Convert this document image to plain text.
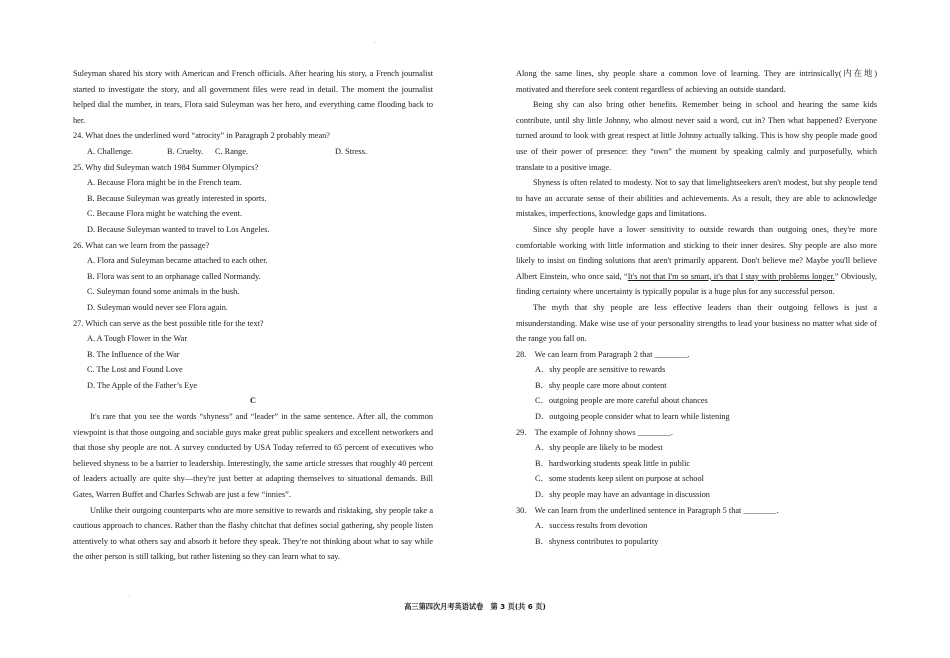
·
·

Suleyman shared his story with American and French officials. After hearing his story, a French journalist started to investigate the story, and all government files were read in detail. The moment the journalist helped dial the number, in tears, Flora said Suleyman was her hero, and everything came flooding back to her.

24. What does the underlined word “atrocity” in Paragraph 2 probably mean?

A. Challenge.	B. Cruelty.	C. Range.	D. Stress.

25. Why did Suleyman watch 1984 Summer Olympics?

A. Because Flora might be in the French team.

B. Because Suleyman was greatly interested in sports.

C. Because Flora might be watching the event.

D. Because Suleyman wanted to travel to Los Angeles.

26. What can we learn from the passage?

A. Flora and Suleyman became attached to each other.

B. Flora was sent to an orphanage called Normandy.

C. Suleyman found some animals in the bush.

D. Suleyman would never see Flora again.

27. Which can serve as the best possible title for the text?

A. A Tough Flower in the War

B. The Influence of the War

C. The Lost and Found Love

D. The Apple of the Father’s Eye

C

It's rare that you see the words “shyness” and “leader” in the same sentence. After all, the common viewpoint is that those outgoing and sociable guys make great public speakers and excellent networkers and that those shy people are not. A survey conducted by USA Today referred to 65 percent of executives who believed shyness to be a barrier to leadership. Interestingly, the same article stresses that roughly 40 percent of leaders actually are quite shy—they're just better at adapting themselves to situational demands. Bill Gates, Warren Buffet and Charles Schwab are just a few “innies”.

Unlike their outgoing counterparts who are more sensitive to rewards and risktaking, shy people take a cautious approach to chances. Rather than the flashy chitchat that defines social gathering, shy people listen attentively to what others say and absorb it before they speak. They're not thinking about what to say while the other person is still talking, but rather listening so they can learn what to say.

Along the same lines, shy people share a common love of learning. They are intrinsically(内在地) motivated and therefore seek content regardless of achieving an outside standard.

Being shy can also bring other benefits. Remember being in school and hearing the same kids contribute, until shy little Johnny, who almost never said a word, cut in? Then what happened? Everyone turned around to look with great respect at little Johnny actually talking. This is how shy people made good use of their power of presence: they “own” the moment by speaking calmly and purposefully, which translate to a positive image.

Shyness is often related to modesty. Not to say that limelightseekers aren't modest, but shy people tend to have an accurate sense of their abilities and achievements. As a result, they are able to acknowledge mistakes, imperfections, knowledge gaps and limitations.

Since shy people have a lower sensitivity to outside rewards than outgoing ones, they're more comfortable working with little information and sticking to their inner desires. Shy people are also more likely to insist on finding solutions that aren't primarily apparent. Don't believe me? Maybe you'll believe Albert Einstein, who once said, “It's not that I'm so smart, it's that I stay with problems longer.” Obviously, finding certainty where uncertainty is typically popular is a huge plus for any successful person.

The myth that shy people are less effective leaders than their outgoing fellows is just a misunderstanding. Make wise use of your personality strengths to lead your business no matter what side of the range you fall on.

28. We can learn from Paragraph 2 that ________.

A．shy people are sensitive to rewards

B．shy people care more about content

C．outgoing people are more careful about chances

D．outgoing people consider what to learn while listening

29. The example of Johnny shows ________.

A．shy people are likely to be modest

B．hardworking students speak little in public

C．some students keep silent on purpose at school

D．shy people may have an advantage in discussion

30. We can learn from the underlined sentence in Paragraph 5 that ________.

A．success results from devotion

B．shyness contributes to popularity

高三第四次月考英语试卷 第 3 页(共 6 页)
